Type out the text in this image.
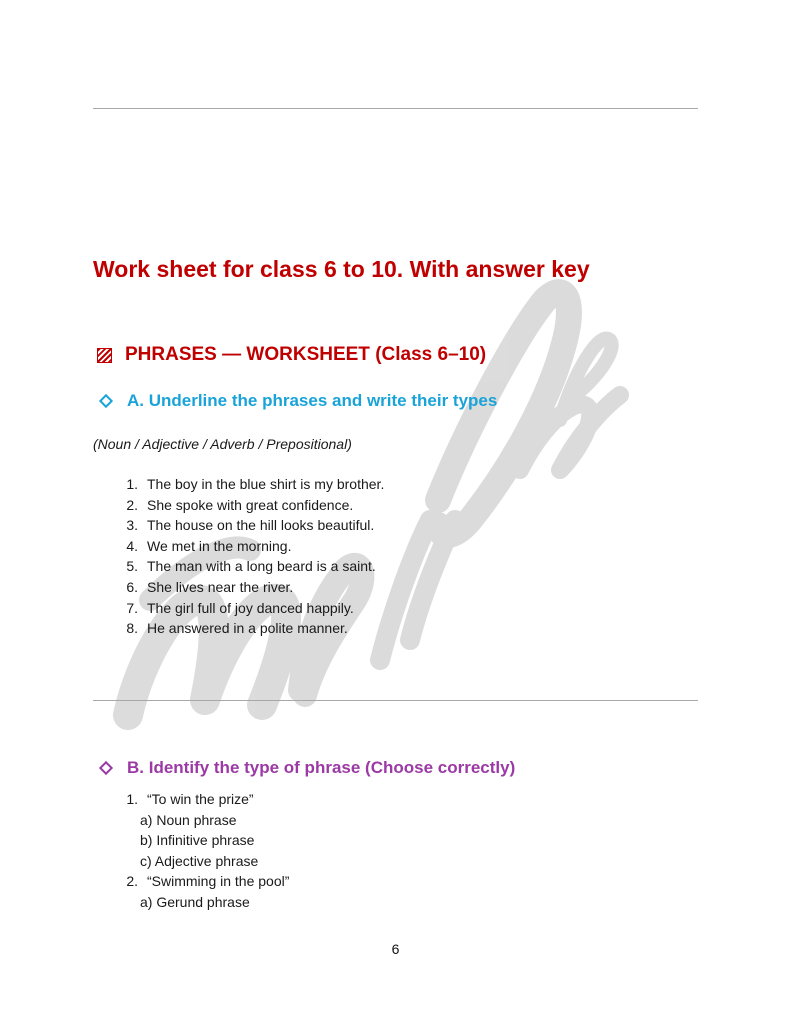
Work sheet for class 6 to 10. With answer key
PHRASES — WORKSHEET (Class 6–10)
A. Underline the phrases and write their types
(Noun / Adjective / Adverb / Prepositional)
1. The boy in the blue shirt is my brother.
2. She spoke with great confidence.
3. The house on the hill looks beautiful.
4. We met in the morning.
5. The man with a long beard is a saint.
6. She lives near the river.
7. The girl full of joy danced happily.
8. He answered in a polite manner.
B. Identify the type of phrase (Choose correctly)
1. “To win the prize”
a) Noun phrase
b) Infinitive phrase
c) Adjective phrase
2. “Swimming in the pool”
a) Gerund phrase
6
